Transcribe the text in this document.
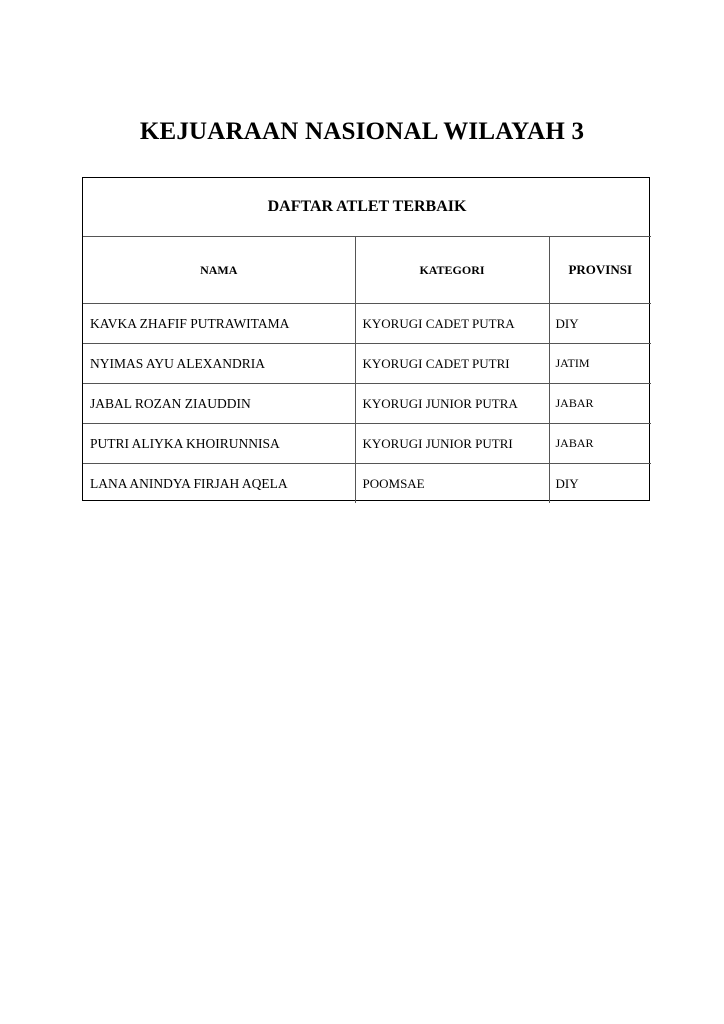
KEJUARAAN NASIONAL WILAYAH 3
DAFTAR ATLET TERBAIK		
NAMA	KATEGORI	PROVINSI
KAVKA ZHAFIF PUTRAWITAMA	KYORUGI CADET PUTRA	DIY
NYIMAS AYU ALEXANDRIA	KYORUGI CADET PUTRI	JATIM
JABAL ROZAN ZIAUDDIN	KYORUGI JUNIOR PUTRA	JABAR
PUTRI ALIYKA KHOIRUNNISA	KYORUGI JUNIOR PUTRI	JABAR
LANA ANINDYA FIRJAH AQELA	POOMSAE	DIY
